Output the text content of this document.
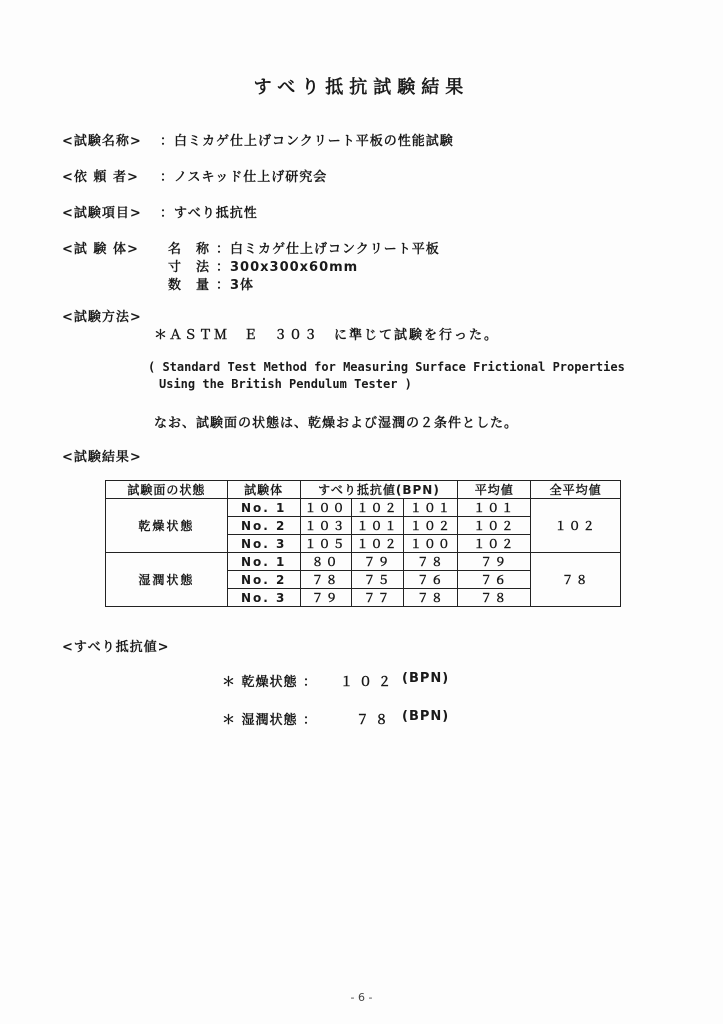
すべり抵抗試験結果
<試験名称> ：白ミカゲ仕上げコンクリート平板の性能試験
<依 頼 者> ：ノスキッド仕上げ研究会
<試験項目> ：すべり抵抗性
<試 験 体> 名　称 ：白ミカゲ仕上げコンクリート平板
寸　法 ：300x300x60mm
数　量 ：3体
<試験方法>
＊ＡＳＴＭ　Ｅ　３０３　に準じて試験を行った。
( Standard Test Method for Measuring Surface Frictional Properties
Using the British Pendulum Tester )
なお、試験面の状態は、乾燥および湿潤の２条件とした。
<試験結果>
試験面の状態	試験体	すべり抵抗値(BPN)			平均値	全平均値
乾燥状態	No. 1	１００	１０２	１０１	１０１	１０２
	No. 2	１０３	１０１	１０２	１０２	
	No. 3	１０５	１０２	１００	１０２	
湿潤状態	No. 1	８０	７９	７８	７９	７８
	No. 2	７８	７５	７６	７６	
	No. 3	７９	７７	７８	７８	
<すべり抵抗値>
＊ 乾燥状態 ： １０２ (BPN)
＊ 湿潤状態 ：	７８ (BPN)
- 6 -
